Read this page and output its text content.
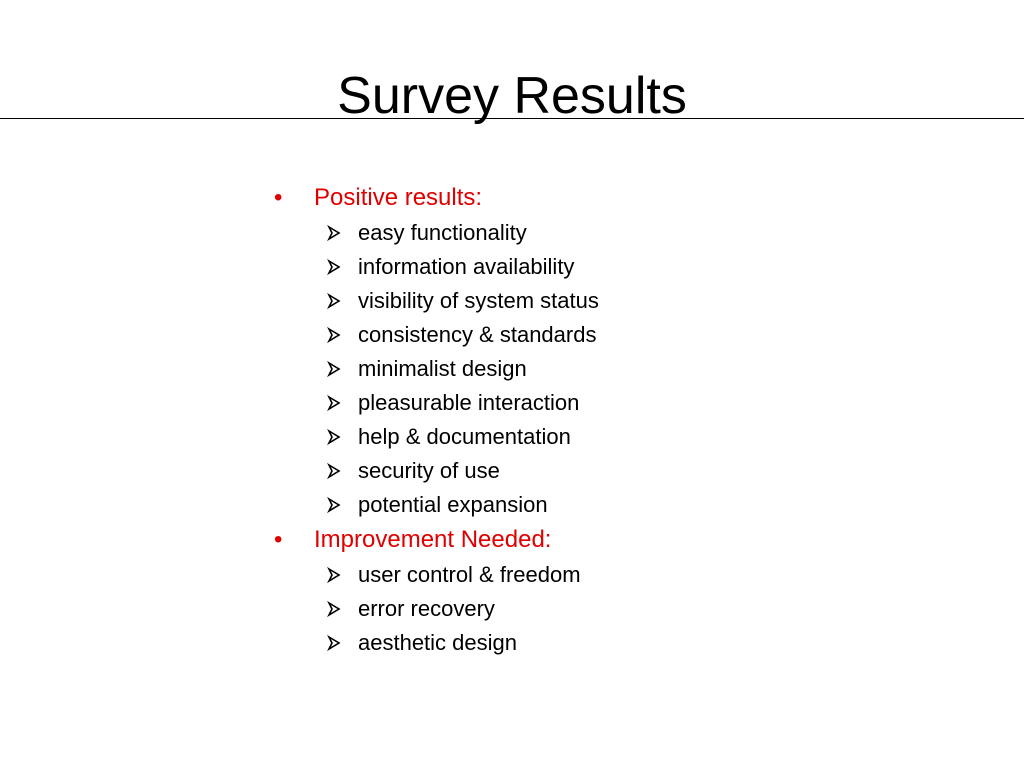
Survey Results
•	Positive results:
easy functionality
information availability
visibility of system status
consistency & standards
minimalist design
pleasurable interaction
help & documentation
security of use
potential expansion
•	Improvement Needed:
user control & freedom
error recovery
aesthetic design
